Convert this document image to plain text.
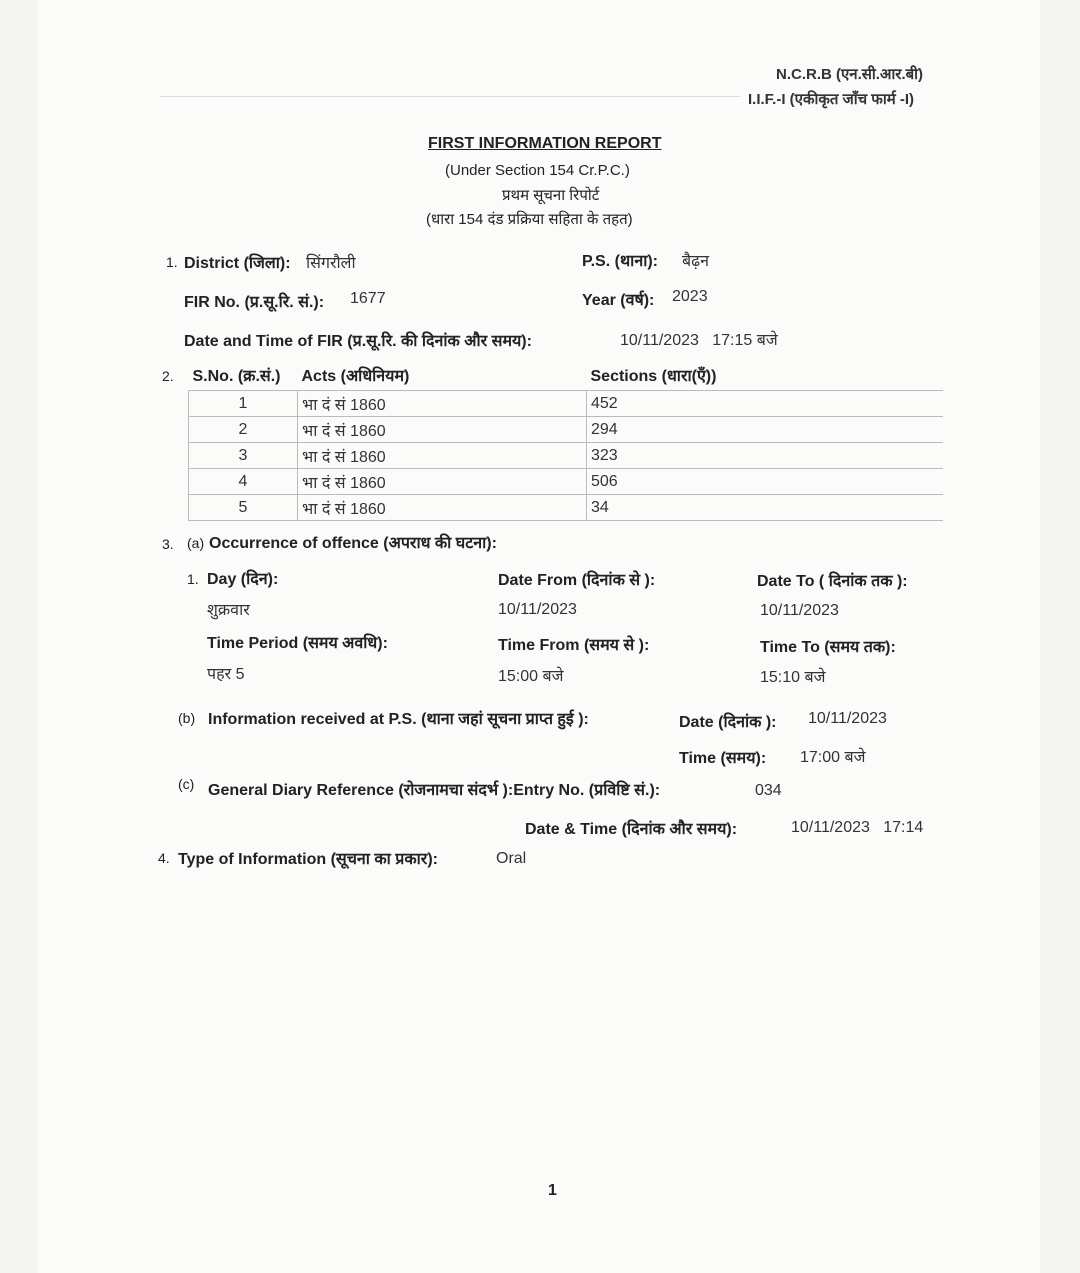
N.C.R.B (एन.सी.आर.बी)
I.I.F.-I (एकीकृत जाँच फार्म -I)
FIRST INFORMATION REPORT
(Under Section 154 Cr.P.C.)
प्रथम सूचना रिपोर्ट
(धारा 154 दंड प्रक्रिया सहिता के तहत)
1. District (जिला): सिंगरौली	P.S. (थाना): बैढ़न
FIR No. (प्र.सू.रि. सं.): 1677	Year (वर्ष): 2023
Date and Time of FIR (प्र.सू.रि. की दिनांक और समय):	10/11/2023   17:15 बजे
2. S.No. (क्र.सं.)	Acts (अधिनियम)	Sections (धारा(एँ))
1	भा दं सं 1860	452
2	भा दं सं 1860	294
3	भा दं सं 1860	323
4	भा दं सं 1860	506
5	भा दं सं 1860	34
3. (a) Occurrence of offence (अपराध की घटना):
1. Day (दिन):
शुक्रवार
Date From (दिनांक से ):
10/11/2023
Date To ( दिनांक तक ):
10/11/2023
Time Period (समय अवधि):
पहर 5
Time From (समय से ):
15:00 बजे
Time To (समय तक):
15:10 बजे
(b) Information received at P.S. (थाना जहां सूचना प्राप्त हुई ):	Date (दिनांक ): 10/11/2023
Time (समय): 17:00 बजे
(c) General Diary Reference (रोजनामचा संदर्भ ):Entry No. (प्रविष्टि सं.):	034
Date & Time (दिनांक और समय):	10/11/2023   17:14
4. Type of Information (सूचना का प्रकार):	Oral
1
